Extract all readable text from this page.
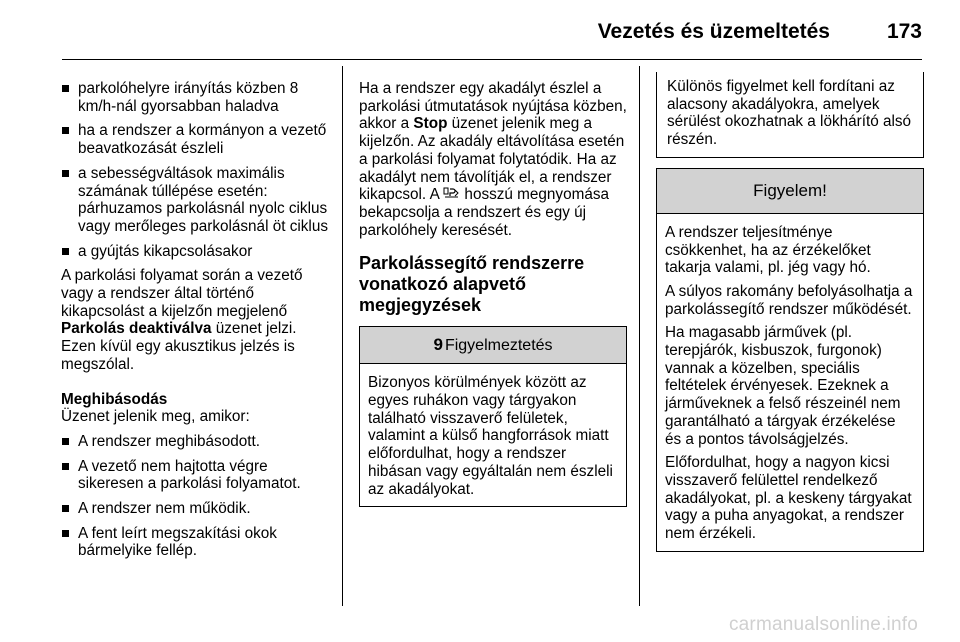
Vezetés és üzemeltetés	173
parkolóhelyre irányítás közben 8 km/h-nál gyorsabban haladva
ha a rendszer a kormányon a vezető beavatkozását észleli
a sebességváltások maximális számának túllépése esetén: párhuzamos parkolásnál nyolc ciklus vagy merőleges parkolásnál öt ciklus
a gyújtás kikapcsolásakor

A parkolási folyamat során a vezető vagy a rendszer által történő kikapcsolást a kijelzőn megjelenő Parkolás deaktiválva üzenet jelzi. Ezen kívül egy akusztikus jelzés is megszólal.

Meghibásodás

Üzenet jelenik meg, amikor:

A rendszer meghibásodott.
A vezető nem hajtotta végre sikeresen a parkolási folyamatot.
A rendszer nem működik.
A fent leírt megszakítási okok bármelyike fellép.

Ha a rendszer egy akadályt észlel a parkolási útmutatások nyújtása közben, akkor a Stop üzenet jelenik meg a kijelzőn. Az akadály eltávolítása esetén a parkolási folyamat folytatódik. Ha az akadályt nem távolítják el, a rendszer kikapcsol. A  hosszú megnyomása bekapcsolja a rendszert és egy új parkolóhely keresését.

Parkolássegítő rendszerre vonatkozó alapvető megjegyzések
9 Figyelmeztetés

Bizonyos körülmények között az egyes ruhákon vagy tárgyakon található visszaverő felületek, valamint a külső hangforrások miatt előfordulhat, hogy a rendszer hibásan vagy egyáltalán nem észleli az akadályokat.

Különös figyelmet kell fordítani az alacsony akadályokra, amelyek sérülést okozhatnak a lökhárító alsó részén.

Figyelem!

A rendszer teljesítménye csökkenhet, ha az érzékelőket takarja valami, pl. jég vagy hó.

A súlyos rakomány befolyásolhatja a parkolássegítő rendszer működését.

Ha magasabb járművek (pl. terepjárók, kisbuszok, furgonok) vannak a közelben, speciális feltételek érvényesek. Ezeknek a járműveknek a felső részeinél nem garantálható a tárgyak érzékelése és a pontos távolságjelzés.

Előfordulhat, hogy a nagyon kicsi visszaverő felülettel rendelkező akadályokat, pl. a keskeny tárgyakat vagy a puha anyagokat, a rendszer nem érzékeli.

carmanualsonline.info
